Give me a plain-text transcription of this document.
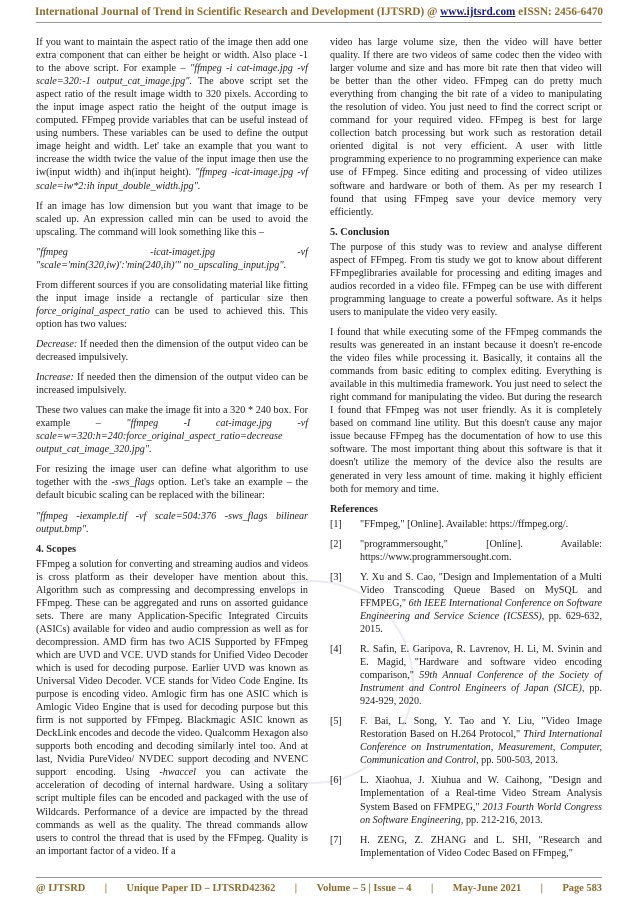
International Journal of Trend in Scientific Research and Development (IJTSRD) @ www.ijtsrd.com eISSN: 2456-6470

If you want to maintain the aspect ratio of the image then add one extra component that can either be height or width. Also place -1 to the above script. For example – "ffmpeg -i cat-image.jpg -vf scale=320:-1 output_cat_image.jpg". The above script set the aspect ratio of the result image width to 320 pixels. According to the input image aspect ratio the height of the output image is computed. FFmpeg provide variables that can be useful instead of using numbers. These variables can be used to define the output image height and width. Let' take an example that you want to increase the width twice the value of the input image then use the iw(input width) and ih(input height). "ffmpeg -icat-image.jpg -vf scale=iw*2:ih input_double_width.jpg".

If an image has low dimension but you want that image to be scaled up. An expression called min can be used to avoid the upscaling. The command will look something like this –

"ffmpeg	-icat-imaget.jpg	-vf
"scale='min(320,iw)':'min(240,ih)'" no_upscaling_input.jpg".

From different sources if you are consolidating material like fitting the input image inside a rectangle of particular size then force_original_aspect_ratio can be used to achieved this. This option has two values:

Decrease: If needed then the dimension of the output video can be decreased impulsively.

Increase: If needed then the dimension of the output video can be increased impulsively.

These two values can make the image fit into a 320 * 240 box. For example –	"ffmpeg -I cat-image.jpg -vf scale=w=320:h=240:force_original_aspect_ratio=decrease output_cat_image_320.jpg".

For resizing the image user can define what algorithm to use together with the -sws_flags option. Let's take an example – the default bicubic scaling can be replaced with the bilinear:

"ffmpeg -iexample.tif -vf scale=504:376 -sws_flags bilinear output.bmp".

4. Scopes

FFmpeg a solution for converting and streaming audios and videos is cross platform as their developer have mention about this. Algorithm such as compressing and decompressing envelops in FFmpeg. These can be aggregated and runs on assorted guidance sets. There are many Application-Specific Integrated Circuits (ASICs) available for video and audio compression as well as for decompression. AMD firm has two ACIS Supported by FFmpeg which are UVD and VCE. UVD stands for Unified Video Decoder which is used for decoding purpose. Earlier UVD was known as Universal Video Decoder. VCE stands for Video Code Engine. Its purpose is encoding video. Amlogic firm has one ASIC which is Amlogic Video Engine that is used for decoding purpose but this firm is not supported by FFmpeg. Blackmagic ASIC known as DeckLink encodes and decode the video. Qualcomm Hexagon also supports both encoding and decoding similarly intel too. And at last, Nvidia PureVideo/ NVDEC support decoding and NVENC support encoding. Using -hwaccel you can activate the acceleration of decoding of internal hardware. Using a solitary script multiple files can be encoded and packaged with the use of Wildcards. Performance of a device are impacted by the thread commands as well as the quality. The thread commands allow users to control the thread that is used by the FFmpeg. Quality is an important factor of a video. If a

video has large volume size, then the video will have better quality. If there are two videos of same codec then the video with larger volume and size and has more bit rate then that video will be better than the other video. FFmpeg can do pretty much everything from changing the bit rate of a video to manipulating the resolution of video. You just need to find the correct script or command for your required video. FFmpeg is best for large collection batch processing but work such as restoration detail oriented digital is not very efficient. A user with little programming experience to no programming experience can make use of FFmpeg. Since editing and processing of video utilizes software and hardware or both of them. As per my research I found that using FFmpeg save your device memory very efficiently.

5. Conclusion

The purpose of this study was to review and analyse different aspect of FFmpeg. From tis study we got to know about different FFmpeglibraries available for processing and editing images and audios recorded in a video file. FFmpeg can be use with different programming language to create a powerful software. As it helps users to manipulate the video very easily.

I found that while executing some of the FFmpeg commands the results was genereated in an instant because it doesn't re-encode the video files while processing it. Basically, it contains all the commands from basic editing to complex editing. Everything is available in this multimedia framework. You just need to select the right command for manipulating the video. But during the research I found that FFmpeg was not user friendly. As it is completely based on command line utility. But this doesn't cause any major issue because FFmpeg has the documentation of how to use this software. The most important thing about this software is that it doesn't utilize the memory of the device also the results are generated in very less amount of time. making it highly efficient both for memory and time.

References
[1] "FFmpeg," [Online]. Available: https://ffmpeg.org/.
[2] "programmersought," [Online]. Available: https://www.programmersought.com.
[3] Y. Xu and S. Cao, "Design and Implementation of a Multi Video Transcoding Queue Based on MySQL and FFMPEG," 6th IEEE International Conference on Software Engineering and Service Science (ICSESS), pp. 629-632, 2015.
[4] R. Safin, E. Garipova, R. Lavrenov, H. Li, M. Svinin and E. Magid, "Hardware and software video encoding comparison," 59th Annual Conference of the Society of Instrument and Control Engineers of Japan (SICE), pp. 924-929, 2020.
[5] F. Bai, L. Song, Y. Tao and Y. Liu, "Video Image Restoration Based on H.264 Protocol," Third International Conference on Instrumentation, Measurement, Computer, Communication and Control, pp. 500-503, 2013.
[6] L. Xiaohua, J. Xiuhua and W. Caihong, "Design and Implementation of a Real-time Video Stream Analysis System Based on FFMPEG," 2013 Fourth World Congress on Software Engineering, pp. 212-216, 2013.
[7] H. ZENG, Z. ZHANG and L. SHI, "Research and Implementation of Video Codec Based on FFmpeg,"
@ IJTSRD	|	Unique Paper ID – IJTSRD42362	|	Volume – 5 | Issue – 4	|	May-June 2021	|	Page 583
